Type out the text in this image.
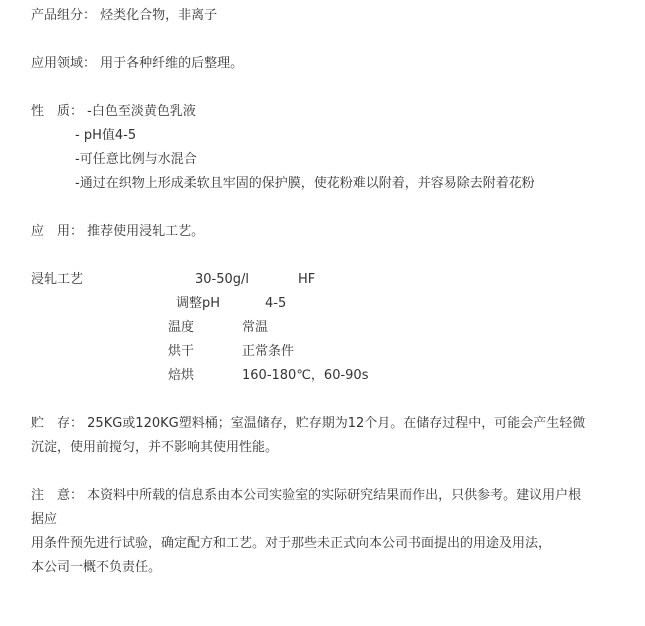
产品组分： 烃类化合物，非离子
应用领域： 用于各种纤维的后整理。
性　质： -白色至淡黄色乳液
- pH值4-5
-可任意比例与水混合
-通过在织物上形成柔软且牢固的保护膜，使花粉难以附着，并容易除去附着花粉
应　用： 推荐使用浸轧工艺。
浸轧工艺	30-50g/l	HF
调整pH	4-5
温度	常温
烘干	正常条件
焙烘	160-180℃，60-90s
贮　存： 25KG或120KG塑料桶；室温储存，贮存期为12个月。在储存过程中，可能会产生轻微
沉淀，使用前搅匀，并不影响其使用性能。
注　意： 本资料中所载的信息系由本公司实验室的实际研究结果而作出，只供参考。建议用户根
据应
用条件预先进行试验，确定配方和工艺。对于那些未正式向本公司书面提出的用途及用法，
本公司一概不负责任。
